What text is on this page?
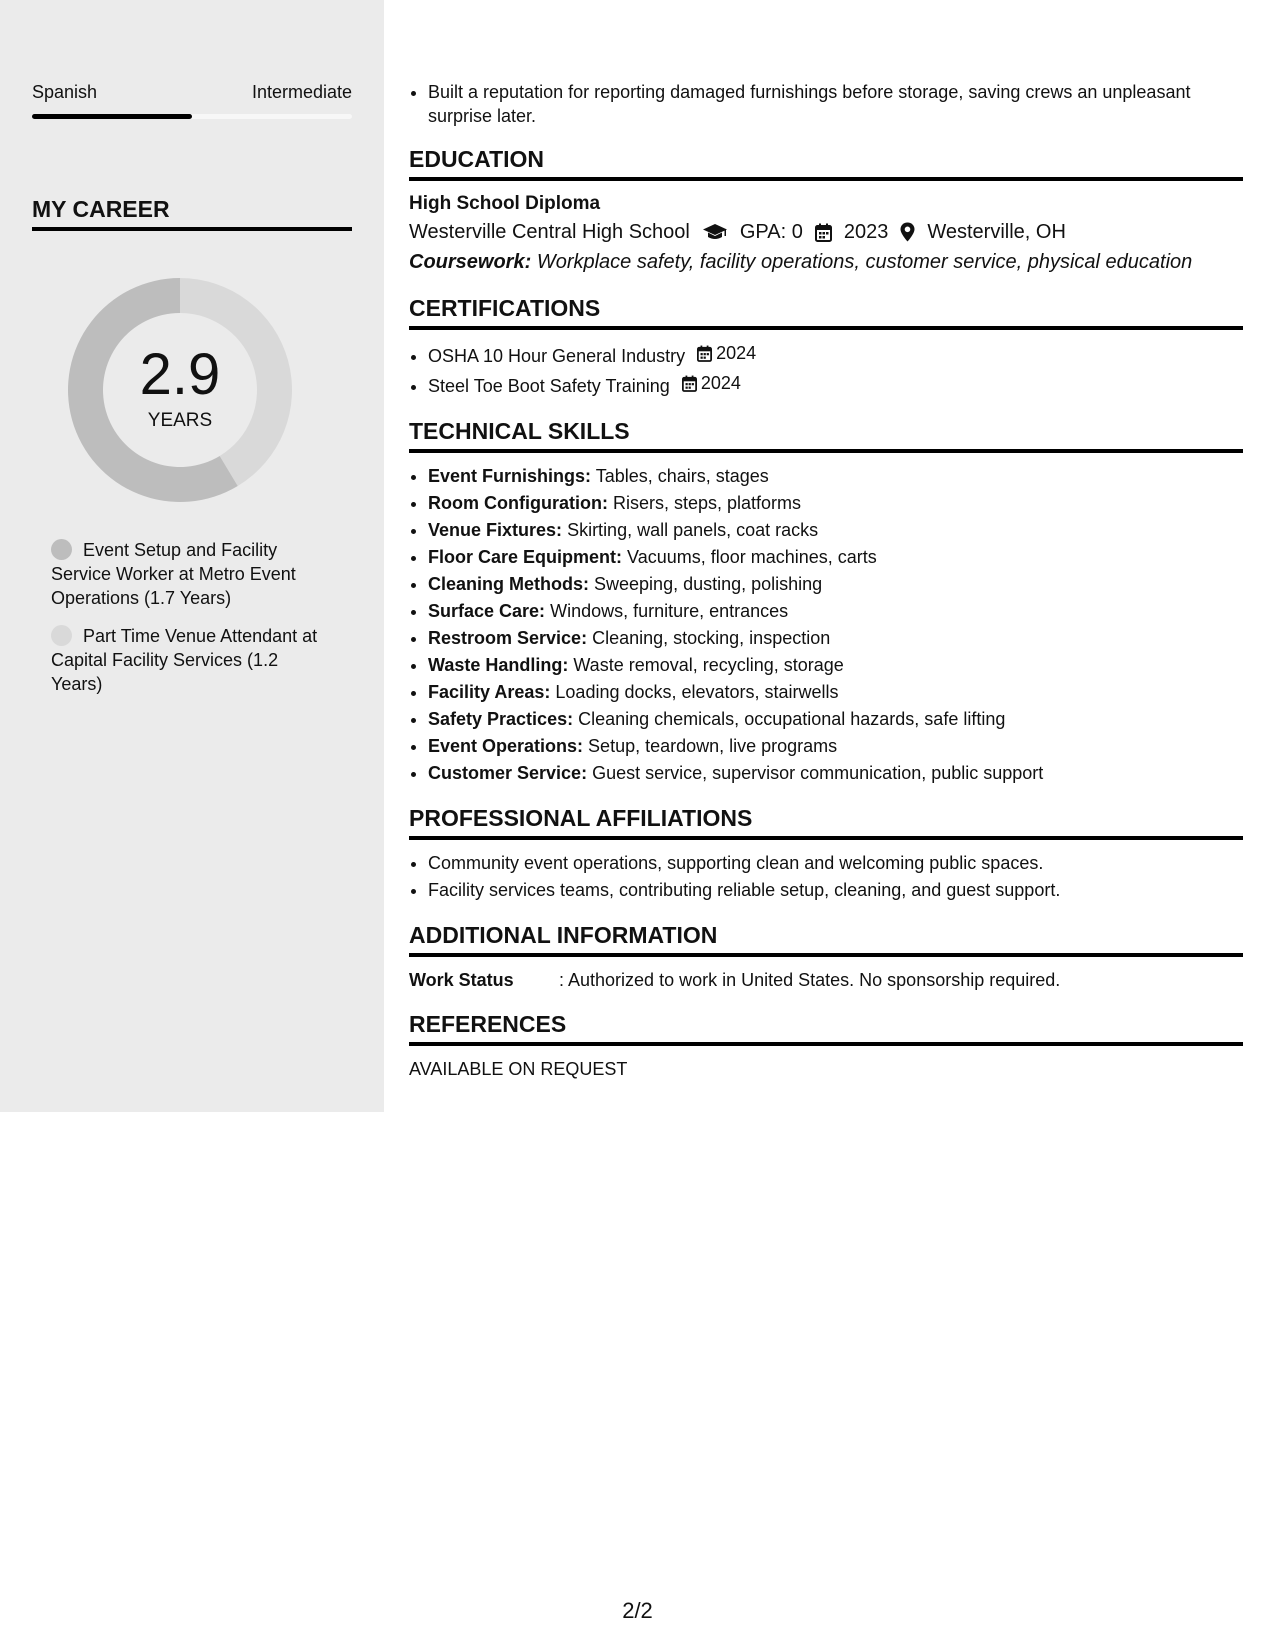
Spanish	Intermediate
MY CAREER
2.9
YEARS
Event Setup and Facility Service Worker at Metro Event Operations (1.7 Years)
Part Time Venue Attendant at Capital Facility Services (1.2 Years)
• Built a reputation for reporting damaged furnishings before storage, saving crews an unpleasant surprise later.
EDUCATION
High School Diploma
Westerville Central High School	GPA: 0 2023 Westerville, OH
Coursework: Workplace safety, facility operations, customer service, physical education
CERTIFICATIONS
• OSHA 10 Hour General Industry 2024
• Steel Toe Boot Safety Training 2024
TECHNICAL SKILLS
• Event Furnishings: Tables, chairs, stages
• Room Configuration: Risers, steps, platforms
• Venue Fixtures: Skirting, wall panels, coat racks
• Floor Care Equipment: Vacuums, floor machines, carts
• Cleaning Methods: Sweeping, dusting, polishing
• Surface Care: Windows, furniture, entrances
• Restroom Service: Cleaning, stocking, inspection
• Waste Handling: Waste removal, recycling, storage
• Facility Areas: Loading docks, elevators, stairwells
• Safety Practices: Cleaning chemicals, occupational hazards, safe lifting
• Event Operations: Setup, teardown, live programs
• Customer Service: Guest service, supervisor communication, public support
PROFESSIONAL AFFILIATIONS
• Community event operations, supporting clean and welcoming public spaces.
• Facility services teams, contributing reliable setup, cleaning, and guest support.
ADDITIONAL INFORMATION
Work Status	: Authorized to work in United States. No sponsorship required.
REFERENCES
AVAILABLE ON REQUEST
2/2
